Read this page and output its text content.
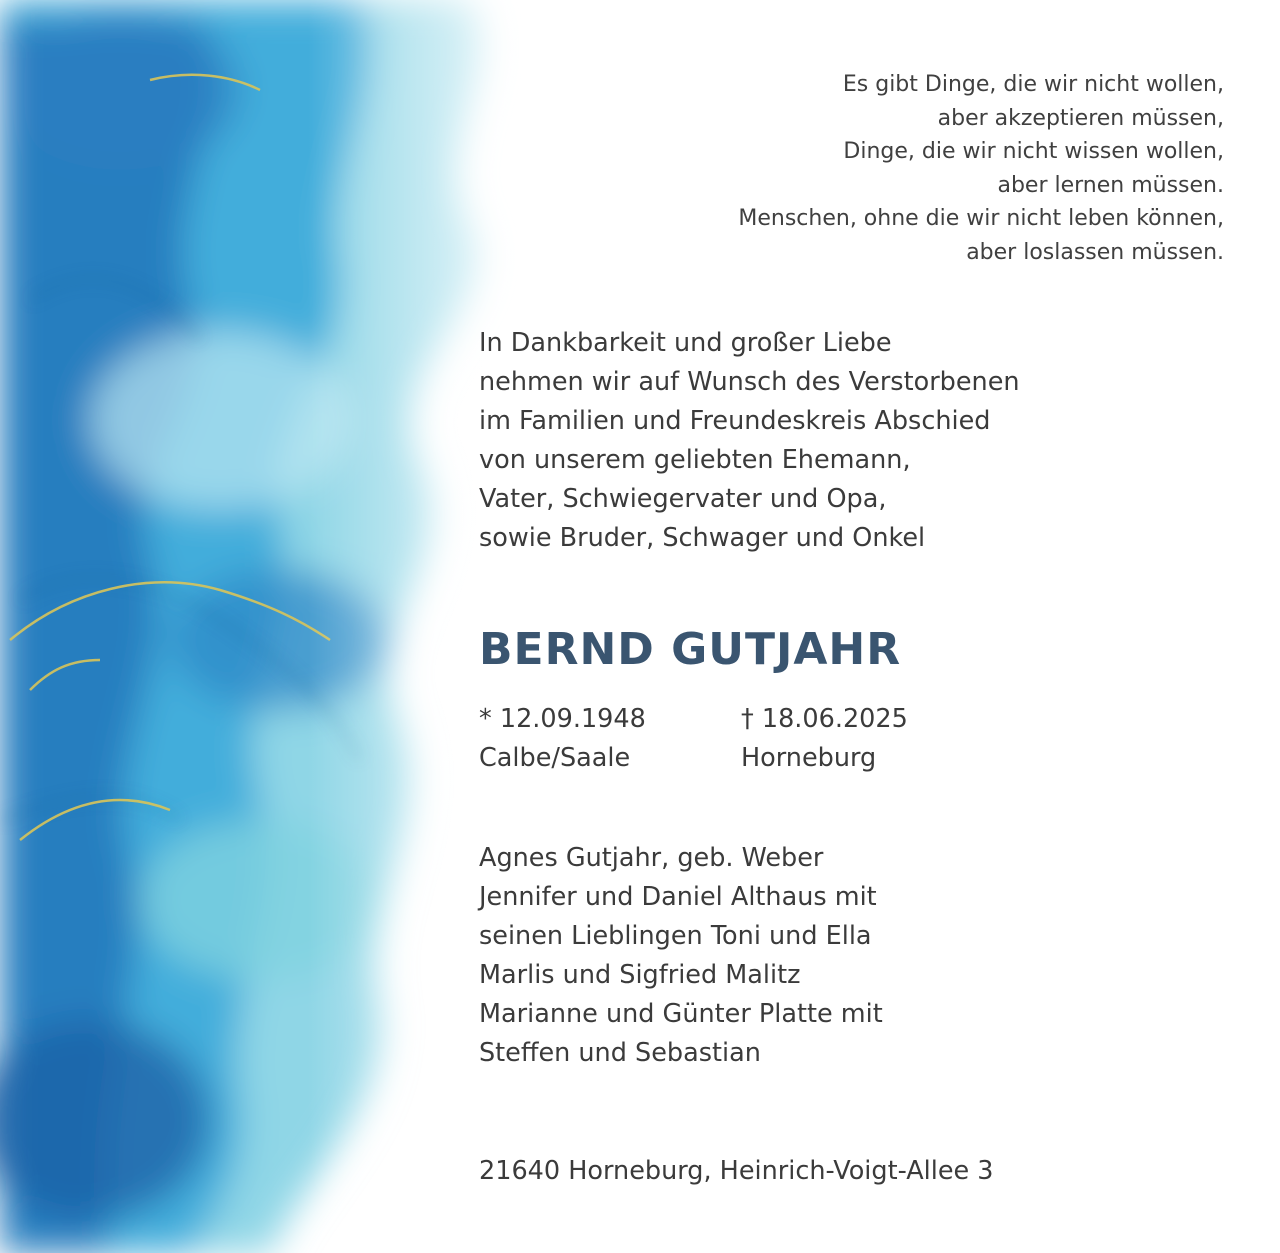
Es gibt Dinge, die wir nicht wollen,
aber akzeptieren müssen,
Dinge, die wir nicht wissen wollen,
aber lernen müssen.
Menschen, ohne die wir nicht leben können,
aber loslassen müssen.
In Dankbarkeit und großer Liebe
nehmen wir auf Wunsch des Verstorbenen
im Familien und Freundeskreis Abschied
von unserem geliebten Ehemann,
Vater, Schwiegervater und Opa,
sowie Bruder, Schwager und Onkel
BERND GUTJAHR
* 12.09.1948
Calbe/Saale
† 18.06.2025
Horneburg
Agnes Gutjahr, geb. Weber
Jennifer und Daniel Althaus mit
seinen Lieblingen Toni und Ella
Marlis und Sigfried Malitz
Marianne und Günter Platte mit
Steffen und Sebastian
21640 Horneburg, Heinrich-Voigt-Allee 3
